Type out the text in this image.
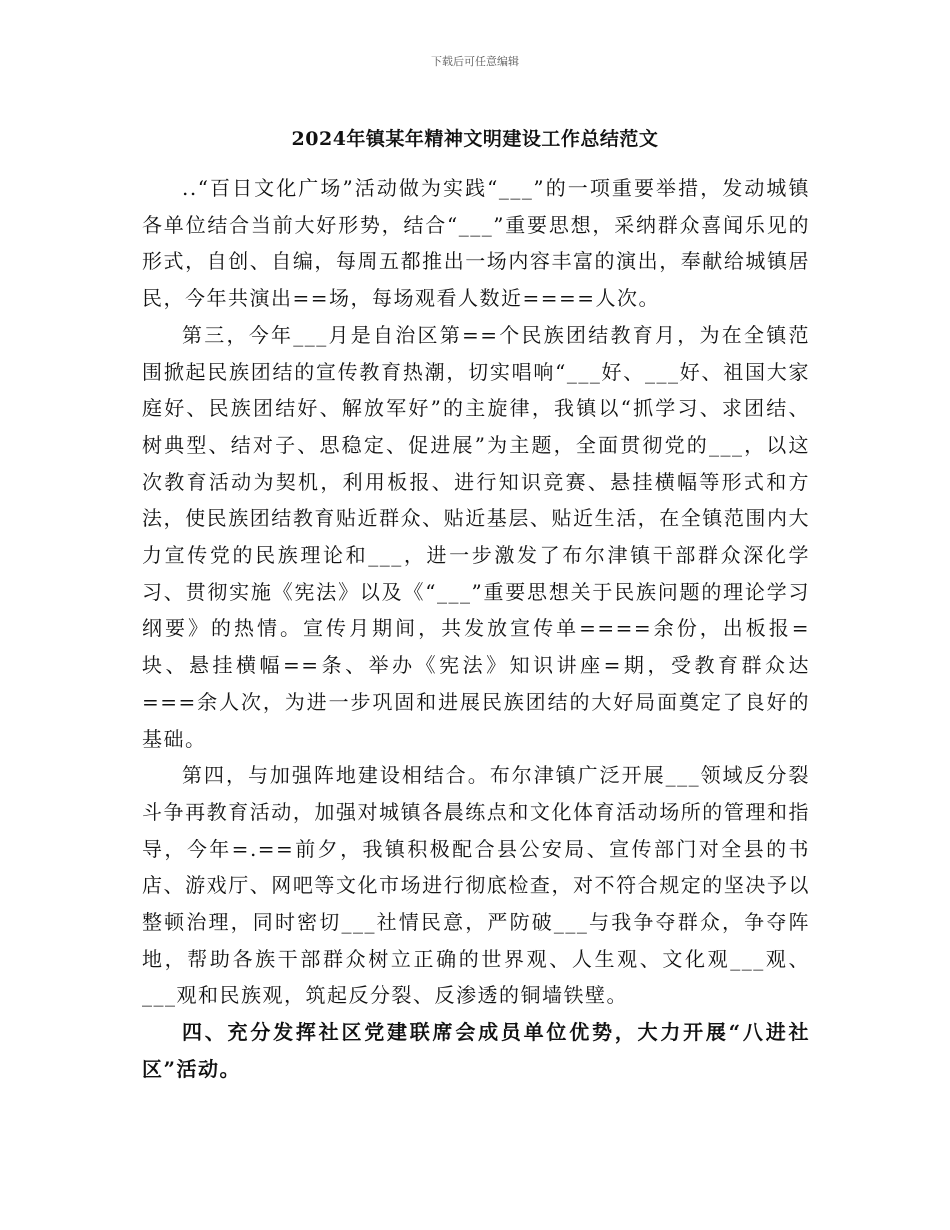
下载后可任意编辑
2024年镇某年精神文明建设工作总结范文

..“百日文化广场”活动做为实践“___”的一项重要举措，发动城镇各单位结合当前大好形势，结合“___”重要思想，采纳群众喜闻乐见的形式，自创、自编，每周五都推出一场内容丰富的演出，奉献给城镇居民，今年共演出==场，每场观看人数近====人次。

第三，今年___月是自治区第==个民族团结教育月，为在全镇范围掀起民族团结的宣传教育热潮，切实唱响“___好、___好、祖国大家庭好、民族团结好、解放军好”的主旋律，我镇以“抓学习、求团结、树典型、结对子、思稳定、促进展”为主题，全面贯彻党的___，以这次教育活动为契机，利用板报、进行知识竞赛、悬挂横幅等形式和方法，使民族团结教育贴近群众、贴近基层、贴近生活，在全镇范围内大力宣传党的民族理论和___，进一步激发了布尔津镇干部群众深化学习、贯彻实施《宪法》以及《“___”重要思想关于民族问题的理论学习纲要》的热情。宣传月期间，共发放宣传单====余份，出板报=块、悬挂横幅==条、举办《宪法》知识讲座=期，受教育群众达===余人次，为进一步巩固和进展民族团结的大好局面奠定了良好的基础。

第四，与加强阵地建设相结合。布尔津镇广泛开展___领域反分裂斗争再教育活动，加强对城镇各晨练点和文化体育活动场所的管理和指导，今年=.==前夕，我镇积极配合县公安局、宣传部门对全县的书店、游戏厅、网吧等文化市场进行彻底检查，对不符合规定的坚决予以整顿治理，同时密切___社情民意，严防破___与我争夺群众，争夺阵地，帮助各族干部群众树立正确的世界观、人生观、文化观___观、___观和民族观，筑起反分裂、反渗透的铜墙铁壁。

四、充分发挥社区党建联席会成员单位优势，大力开展“八进社区”活动。
